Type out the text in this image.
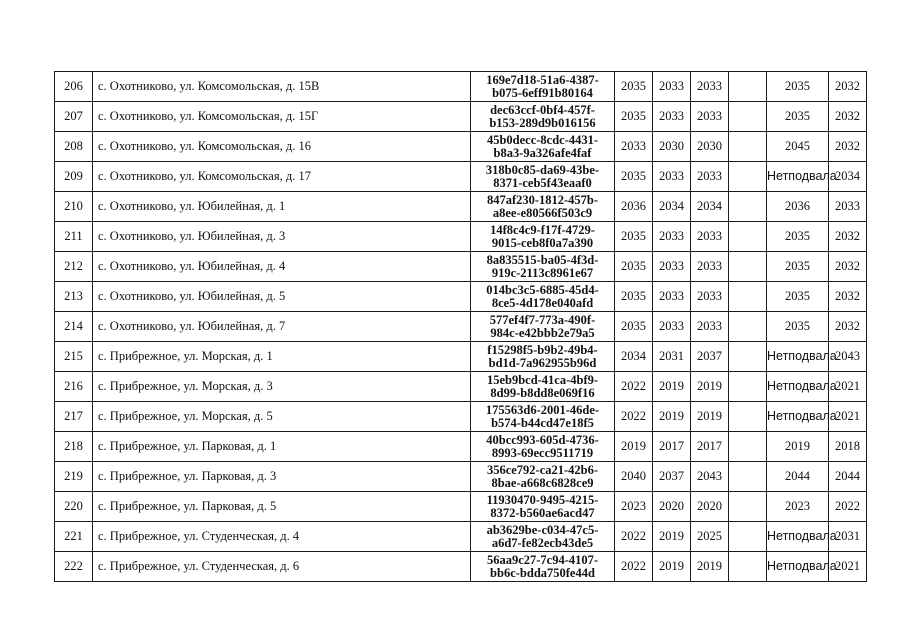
206	с. Охотниково, ул. Комсомольская, д. 15В	169e7d18-51a6-4387-
b075-6eff91b80164	2035	2033	2033		2035	2032
207	с. Охотниково, ул. Комсомольская, д. 15Г	dec63ccf-0bf4-457f-
b153-289d9b016156	2035	2033	2033		2035	2032
208	с. Охотниково, ул. Комсомольская, д. 16	45b0decc-8cdc-4431-
b8a3-9a326afe4faf	2033	2030	2030		2045	2032
209	с. Охотниково, ул. Комсомольская, д. 17	318b0c85-da69-43be-
8371-ceb5f43eaaf0	2035	2033	2033		Нетподвала	2034
210	с. Охотниково, ул. Юбилейная, д. 1	847af230-1812-457b-
a8ee-e80566f503c9	2036	2034	2034		2036	2033
211	с. Охотниково, ул. Юбилейная, д. 3	14f8c4c9-f17f-4729-
9015-ceb8f0a7a390	2035	2033	2033		2035	2032
212	с. Охотниково, ул. Юбилейная, д. 4	8a835515-ba05-4f3d-
919c-2113c8961e67	2035	2033	2033		2035	2032
213	с. Охотниково, ул. Юбилейная, д. 5	014bc3c5-6885-45d4-
8ce5-4d178e040afd	2035	2033	2033		2035	2032
214	с. Охотниково, ул. Юбилейная, д. 7	577ef4f7-773a-490f-
984c-e42bbb2e79a5	2035	2033	2033		2035	2032
215	с. Прибрежное, ул. Морская, д. 1	f15298f5-b9b2-49b4-
bd1d-7a962955b96d	2034	2031	2037		Нетподвала	2043
216	с. Прибрежное, ул. Морская, д. 3	15eb9bcd-41ca-4bf9-
8d99-b8dd8e069f16	2022	2019	2019		Нетподвала	2021
217	с. Прибрежное, ул. Морская, д. 5	175563d6-2001-46de-
b574-b44cd47e18f5	2022	2019	2019		Нетподвала	2021
218	с. Прибрежное, ул. Парковая, д. 1	40bcc993-605d-4736-
8993-69ecc9511719	2019	2017	2017		2019	2018
219	с. Прибрежное, ул. Парковая, д. 3	356ce792-ca21-42b6-
8bae-a668c6828ce9	2040	2037	2043		2044	2044
220	с. Прибрежное, ул. Парковая, д. 5	11930470-9495-4215-
8372-b560ae6acd47	2023	2020	2020		2023	2022
221	с. Прибрежное, ул. Студенческая, д. 4	ab3629be-c034-47c5-
a6d7-fe82ecb43de5	2022	2019	2025		Нетподвала	2031
222	с. Прибрежное, ул. Студенческая, д. 6	56aa9c27-7c94-4107-
bb6c-bdda750fe44d	2022	2019	2019		Нетподвала	2021
